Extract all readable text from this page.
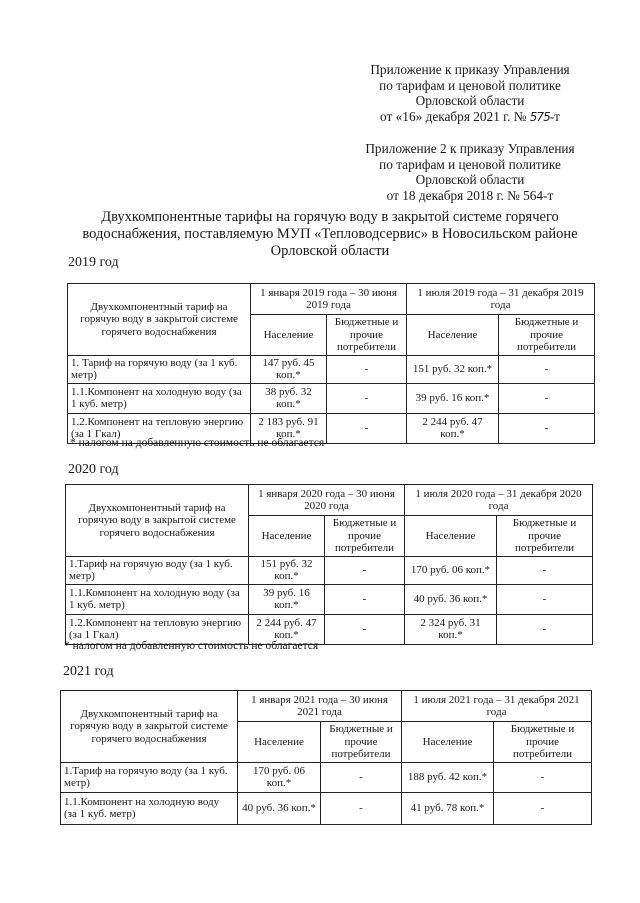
Приложение к приказу Управления
по тарифам и ценовой политике
Орловской области
от «16» декабря 2021 г. № 575-т
Приложение 2 к приказу Управления
по тарифам и ценовой политике
Орловской области
от 18 декабря 2018 г. № 564-т
Двухкомпонентные тарифы на горячую воду в закрытой системе горячего
водоснабжения, поставляемую МУП «Тепловодсервис» в Новосильском районе
Орловской области
2019 год
Двухкомпонентный тариф на горячую воду в закрытой системе горячего водоснабжения	1 января 2019 года – 30 июня 2019 года		1 июля 2019 года – 31 декабря 2019 года	
	Население	Бюджетные и прочие потребители	Население	Бюджетные и прочие потребители
1. Тариф на горячую воду (за 1 куб. метр)	147 руб. 45 коп.*	-	151 руб. 32 коп.*	-
1.1.Компонент на холодную воду (за 1 куб. метр)	38 руб. 32 коп.*	-	39 руб. 16 коп.*	-
1.2.Компонент на тепловую энергию (за 1 Гкал)	2 183 руб. 91 коп.*	-	2 244 руб. 47 коп.*	-
* налогом на добавленную стоимость не облагается
2020 год
Двухкомпонентный тариф на горячую воду в закрытой системе горячего водоснабжения	1 января 2020 года – 30 июня 2020 года		1 июля 2020 года – 31 декабря 2020 года	
	Население	Бюджетные и прочие потребители	Население	Бюджетные и прочие потребители
1.Тариф на горячую воду (за 1 куб. метр)	151 руб. 32 коп.*	-	170 руб. 06 коп.*	-
1.1.Компонент на холодную воду (за 1 куб. метр)	39 руб. 16 коп.*	-	40 руб. 36 коп.*	-
1.2.Компонент на тепловую энергию (за 1 Гкал)	2 244 руб. 47 коп.*	-	2 324 руб. 31 коп.*	-
* налогом на добавленную стоимость не облагается
2021 год
Двухкомпонентный тариф на горячую воду в закрытой системе горячего водоснабжения	1 января 2021 года – 30 июня 2021 года		1 июля 2021 года – 31 декабря 2021 года	
	Население	Бюджетные и прочие потребители	Население	Бюджетные и прочие потребители
1.Тариф на горячую воду (за 1 куб. метр)	170 руб. 06 коп.*	-	188 руб. 42 коп.*	-
1.1.Компонент на холодную воду (за 1 куб. метр)	40 руб. 36 коп.*	-	41 руб. 78 коп.*	-
